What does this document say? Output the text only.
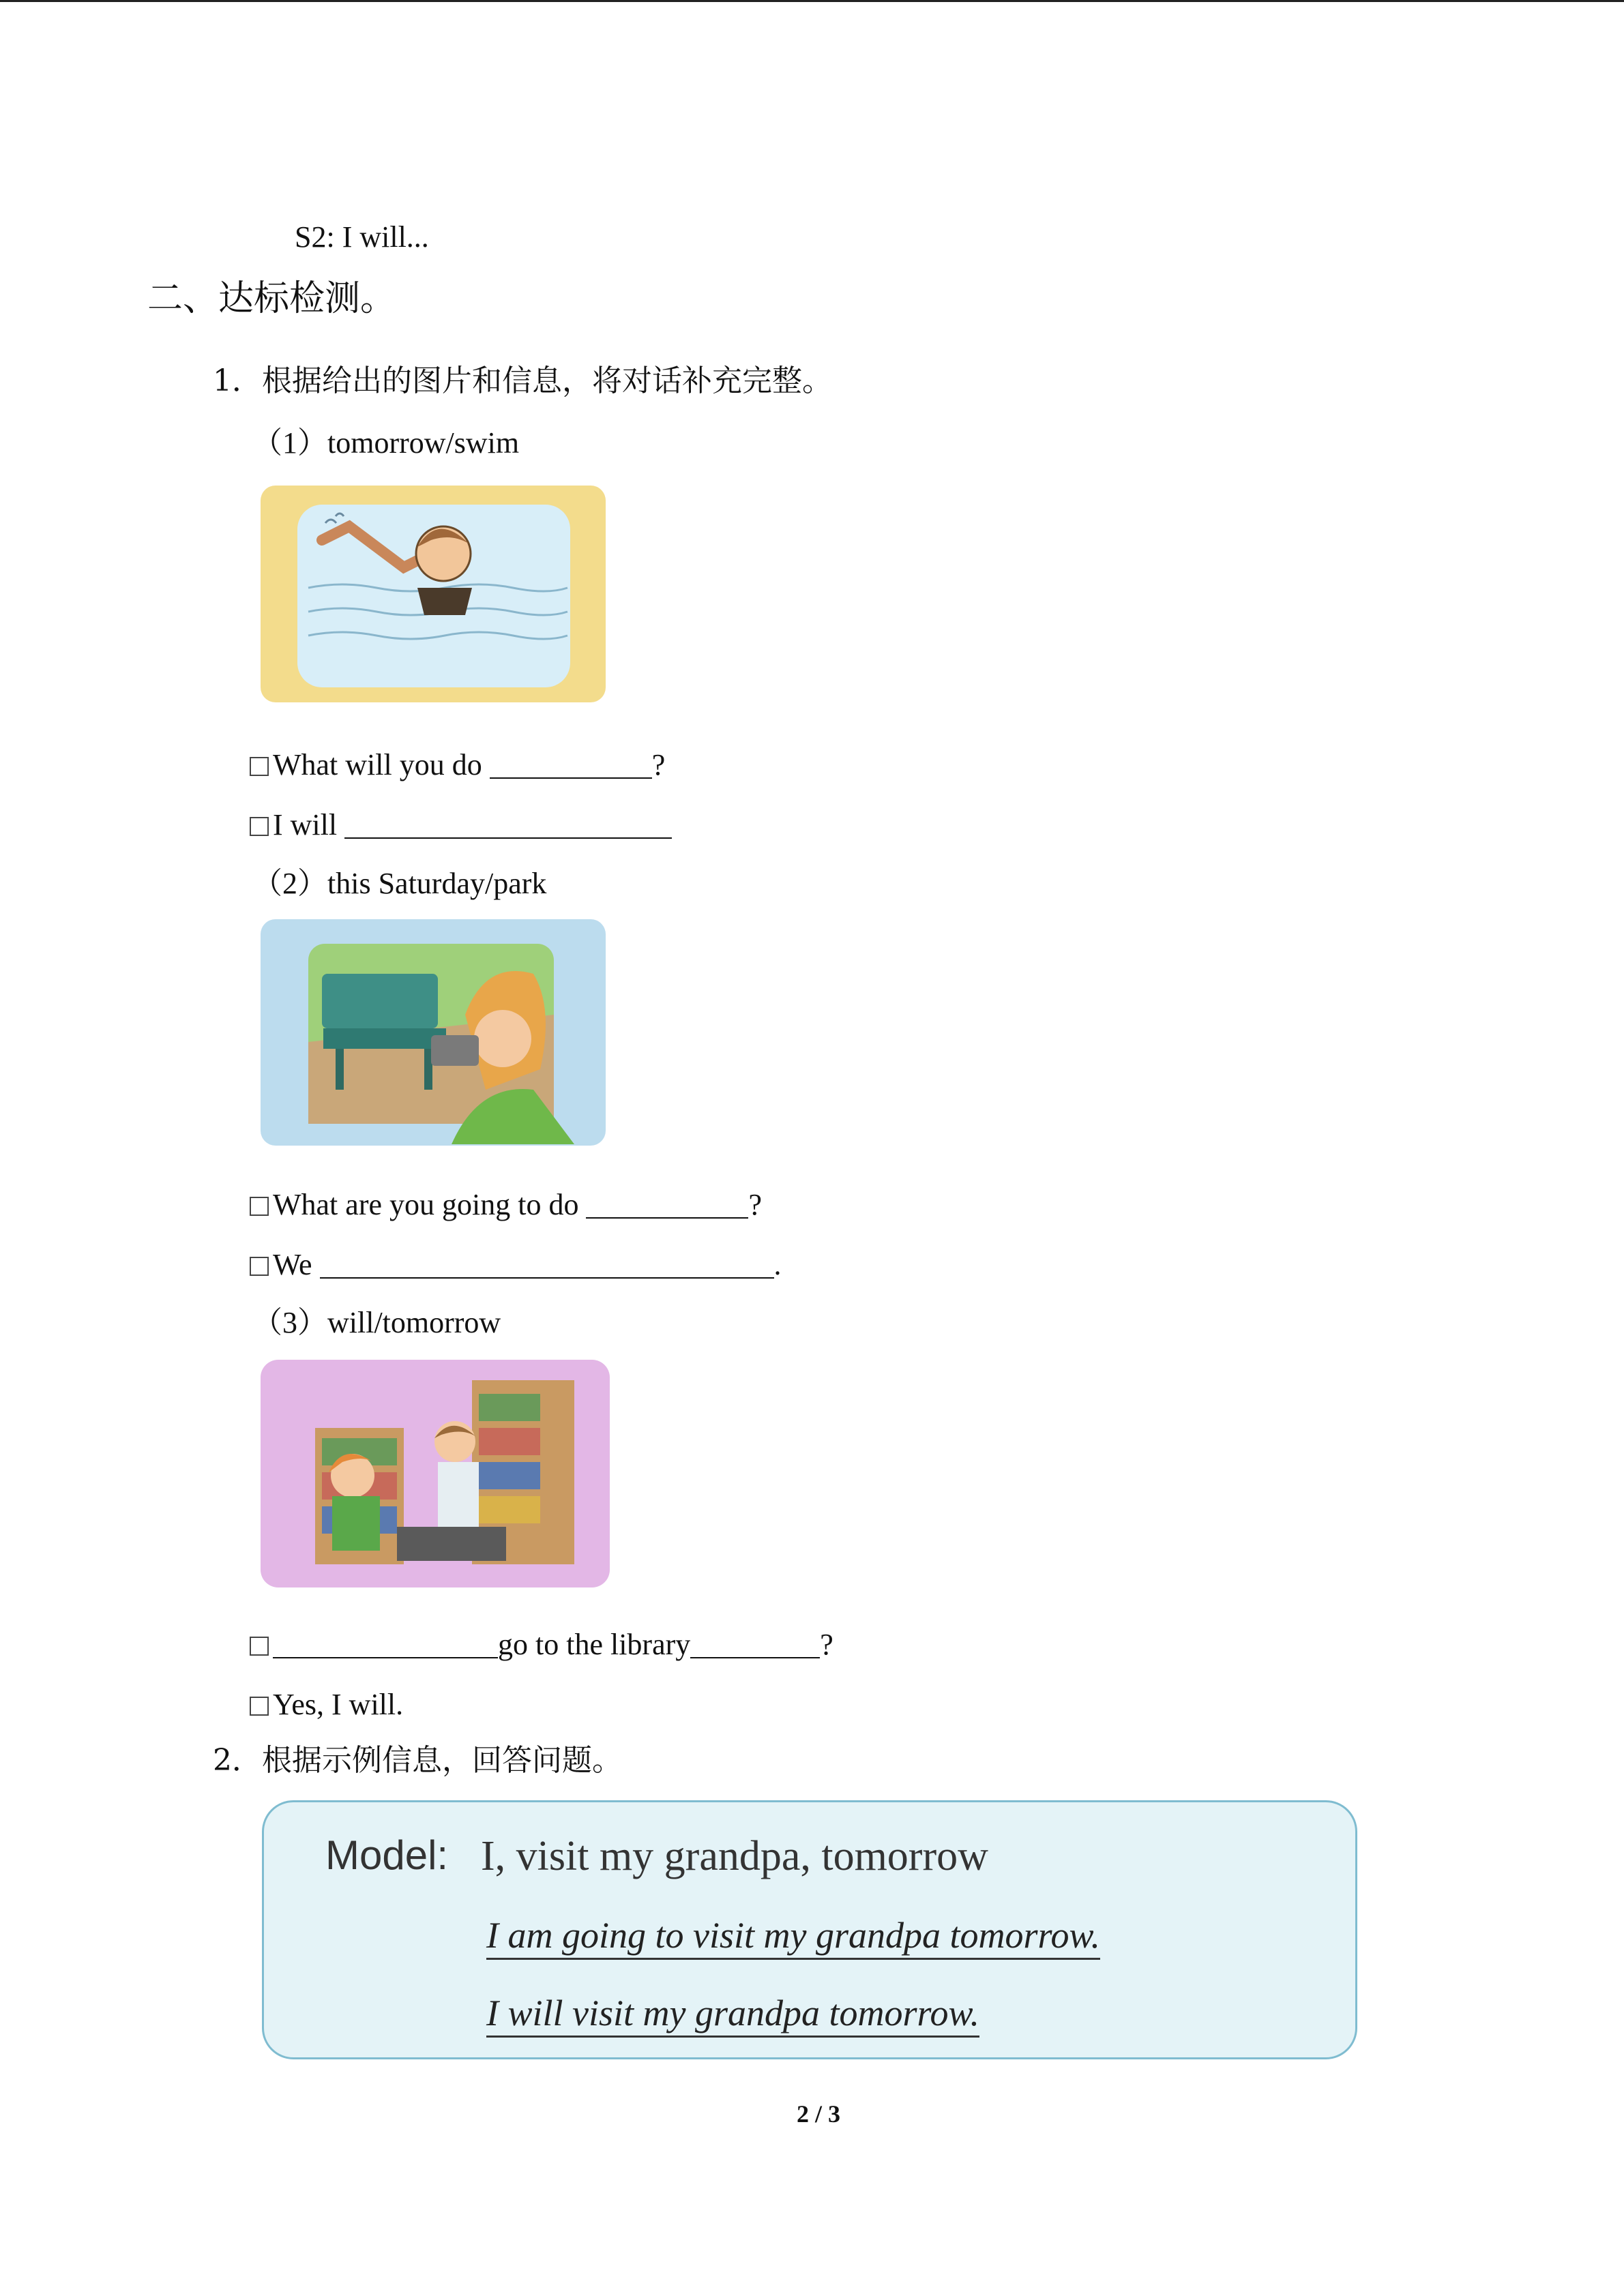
S2: I will...
二、达标检测。
1．根据给出的图片和信息，将对话补充完整。
（1）tomorrow/swim
What will you do	?
I will
（2）this Saturday/park
What are you going to do	?
We	.
（3）will/tomorrow
go to the library	?
Yes, I will.
2．根据示例信息，回答问题。
Model: I, visit my grandpa, tomorrow
I am going to visit my grandpa tomorrow.
I will visit my grandpa tomorrow.
2 / 3
